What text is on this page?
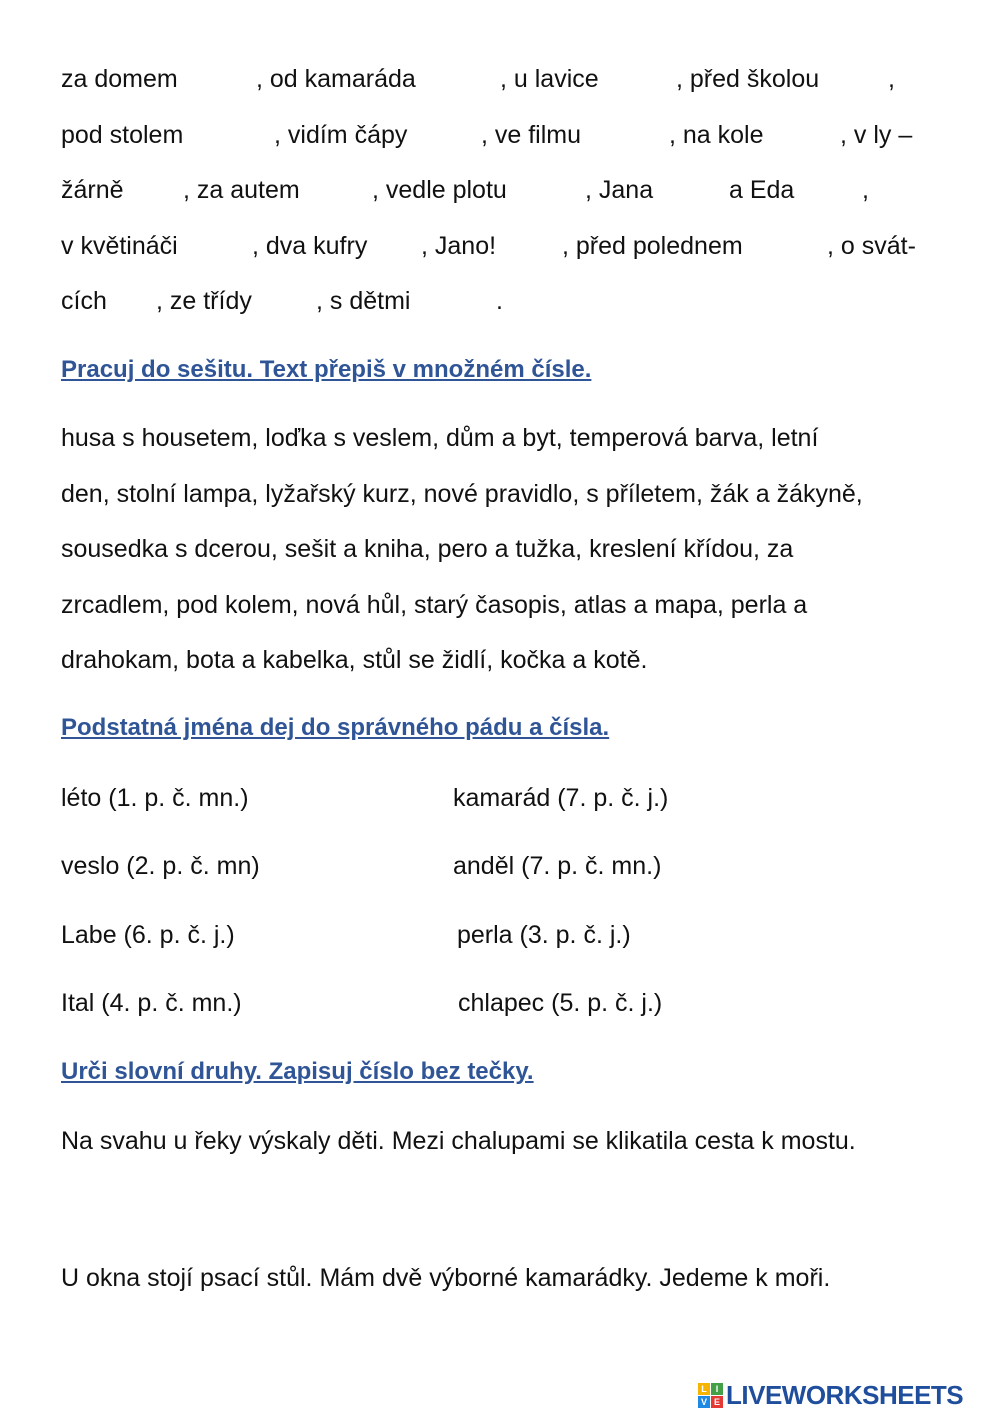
za domem	, od kamaráda	, u lavice	, před školou	,
pod stolem	, vidím čápy	, ve filmu	, na kole	, v ly –
žárně , za autem	, vedle plotu	, Jana	a Eda	,
v květináči	, dva kufry , Jano!	, před polednem	, o svát-
cích , ze třídy	, s dětmi	.
Pracuj do sešitu. Text přepiš v množném čísle.
husa s housetem, loďka s veslem, dům a byt, temperová barva, letní
den, stolní lampa, lyžařský kurz, nové pravidlo, s příletem, žák a žákyně,
sousedka s dcerou, sešit a kniha, pero a tužka, kreslení křídou, za
zrcadlem, pod kolem, nová hůl, starý časopis, atlas a mapa, perla a
drahokam, bota a kabelka, stůl se židlí, kočka a kotě.
Podstatná jména dej do správného pádu a čísla.
léto (1. p. č. mn.)	kamarád (7. p. č. j.)
veslo (2. p. č. mn)	anděl (7. p. č. mn.)
Labe (6. p. č. j.)	perla (3. p. č. j.)
Ital (4. p. č. mn.)	chlapec (5. p. č. j.)
Urči slovní druhy. Zapisuj číslo bez tečky.
Na svahu u řeky výskaly děti. Mezi chalupami se klikatila cesta k mostu.
U okna stojí psací stůl. Mám dvě výborné kamarádky. Jedeme k moři.
L I
V E LIVEWORKSHEETS
